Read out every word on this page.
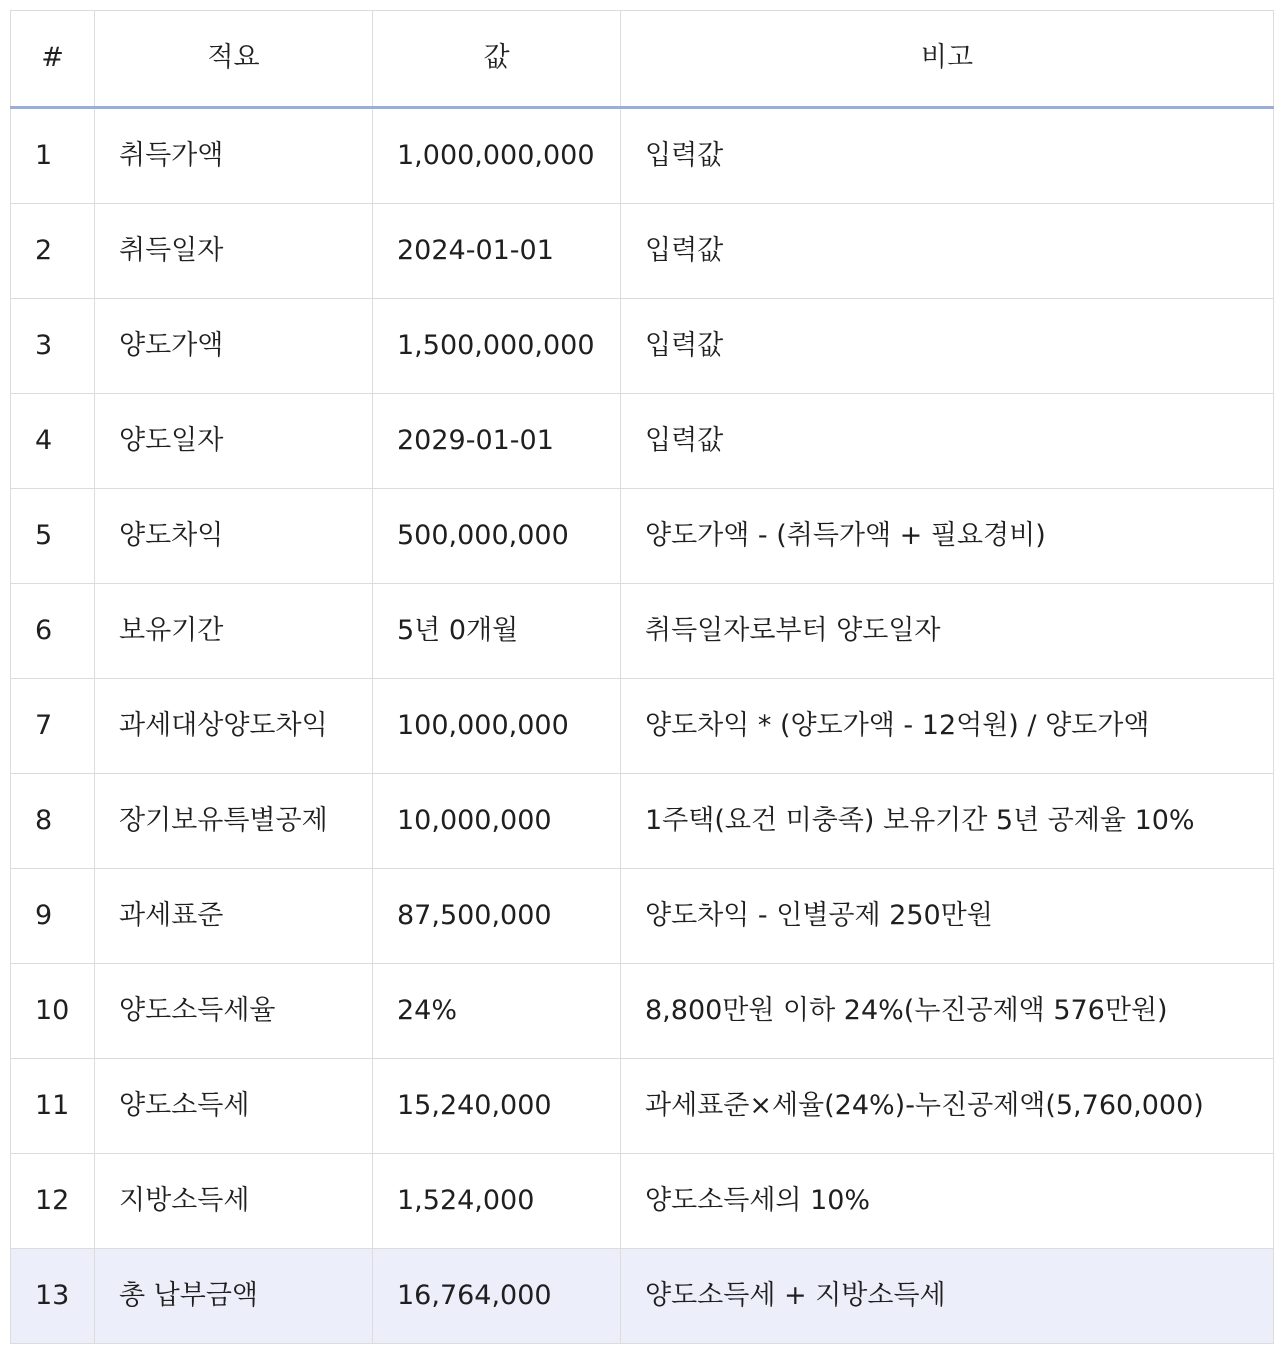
#	적요	값	비고
1	취득가액	1,000,000,000	입력값
2	취득일자	2024-01-01	입력값
3	양도가액	1,500,000,000	입력값
4	양도일자	2029-01-01	입력값
5	양도차익	500,000,000	양도가액 - (취득가액 + 필요경비)
6	보유기간	5년 0개월	취득일자로부터 양도일자
7	과세대상양도차익	100,000,000	양도차익 * (양도가액 - 12억원) / 양도가액
8	장기보유특별공제	10,000,000	1주택(요건 미충족) 보유기간 5년 공제율 10%
9	과세표준	87,500,000	양도차익 - 인별공제 250만원
10	양도소득세율	24%	8,800만원 이하 24%(누진공제액 576만원)
11	양도소득세	15,240,000	과세표준×세율(24%)-누진공제액(5,760,000)
12	지방소득세	1,524,000	양도소득세의 10%
13	총 납부금액	16,764,000	양도소득세 + 지방소득세
